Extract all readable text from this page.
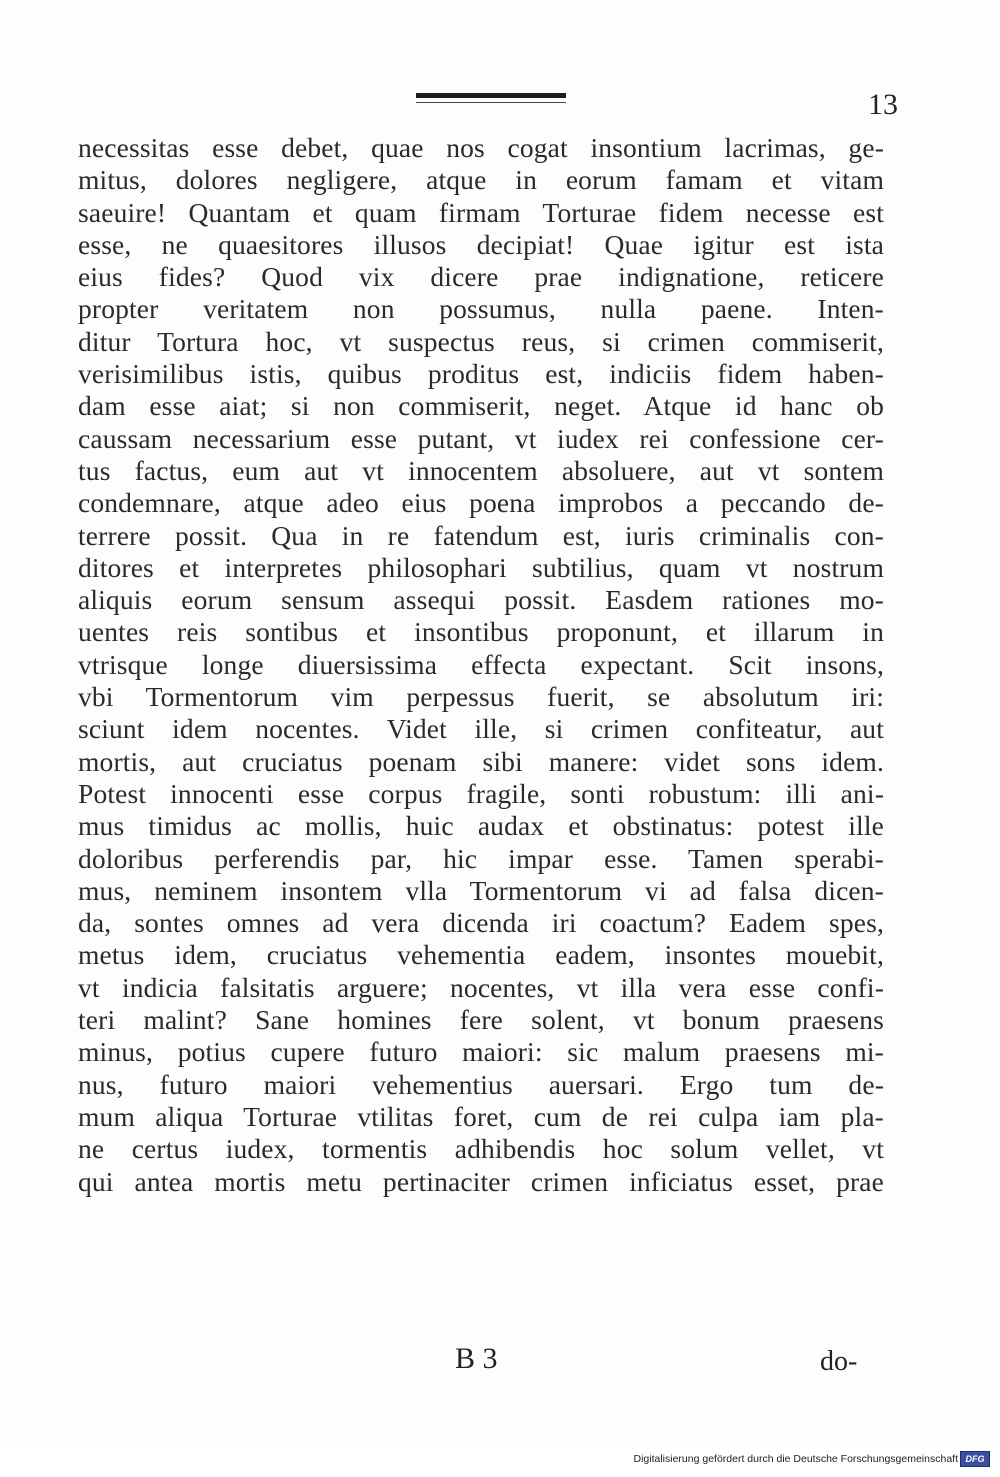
13
necessitas esse debet, quae nos cogat insontium lacrimas, ge-
mitus, dolores negligere, atque in eorum famam et vitam
saeuire! Quantam et quam firmam Torturae fidem necesse est
esse, ne quaesitores illusos decipiat! Quae igitur est ista
eius fides? Quod vix dicere prae indignatione, reticere
propter veritatem non possumus, nulla paene. Inten-
ditur Tortura hoc, vt suspectus reus, si crimen commiserit,
verisimilibus istis, quibus proditus est, indiciis fidem haben-
dam esse aiat; si non commiserit, neget. Atque id hanc ob
caussam necessarium esse putant, vt iudex rei confessione cer-
tus factus, eum aut vt innocentem absoluere, aut vt sontem
condemnare, atque adeo eius poena improbos a peccando de-
terrere possit. Qua in re fatendum est, iuris criminalis con-
ditores et interpretes philosophari subtilius, quam vt nostrum
aliquis eorum sensum assequi possit. Easdem rationes mo-
uentes reis sontibus et insontibus proponunt, et illarum in
vtrisque longe diuersissima effecta expectant. Scit insons,
vbi Tormentorum vim perpessus fuerit, se absolutum iri:
sciunt idem nocentes. Videt ille, si crimen confiteatur, aut
mortis, aut cruciatus poenam sibi manere: videt sons idem.
Potest innocenti esse corpus fragile, sonti robustum: illi ani-
mus timidus ac mollis, huic audax et obstinatus: potest ille
doloribus perferendis par, hic impar esse. Tamen sperabi-
mus, neminem insontem vlla Tormentorum vi ad falsa dicen-
da, sontes omnes ad vera dicenda iri coactum? Eadem spes,
metus idem, cruciatus vehementia eadem, insontes mouebit,
vt indicia falsitatis arguere; nocentes, vt illa vera esse confi-
teri malint? Sane homines fere solent, vt bonum praesens
minus, potius cupere futuro maiori: sic malum praesens mi-
nus, futuro maiori vehementius auersari. Ergo tum de-
mum aliqua Torturae vtilitas foret, cum de rei culpa iam pla-
ne certus iudex, tormentis adhibendis hoc solum vellet, vt
qui antea mortis metu pertinaciter crimen inficiatus esset, prae
B 3	do-
Digitalisierung gefördert durch die Deutsche Forschungsgemeinschaft DFG
